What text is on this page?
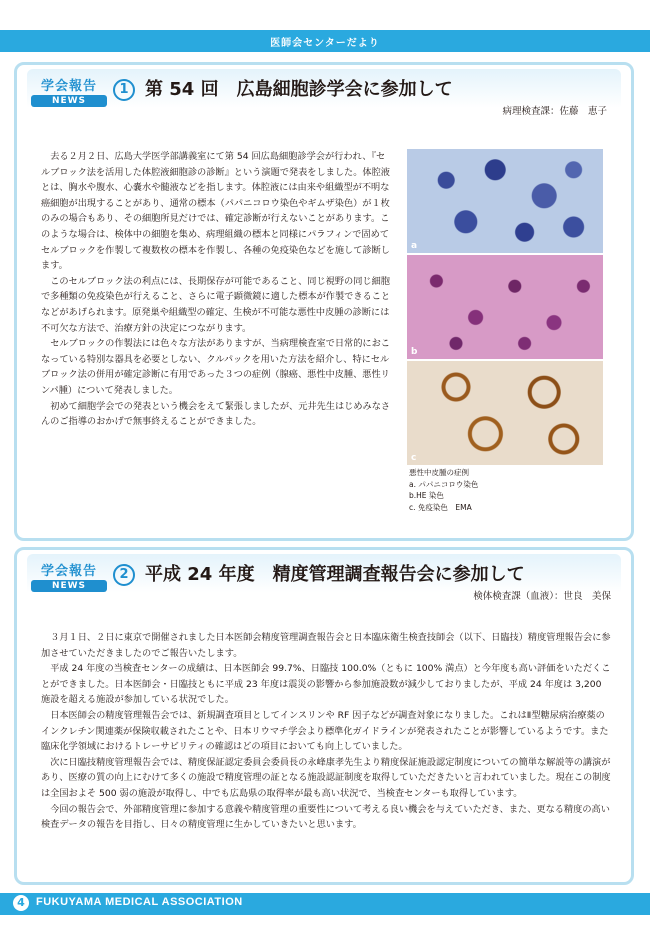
医師会センターだより
学会報告
NEWS
1 第 54 回　広島細胞診学会に参加して
病理検査課：佐藤　恵子

去る２月２日、広島大学医学部講義室にて第 54 回広島細胞診学会が行われ、『セルブロック法を活用した体腔液細胞診の診断』という演題で発表をしました。体腔液とは、胸水や腹水、心嚢水や髄液などを指します。体腔液には由来や組織型が不明な癌細胞が出現することがあり、通常の標本（パパニコロウ染色やギムザ染色）が１枚のみの場合もあり、その細胞所見だけでは、確定診断が行えないことがあります。このような場合は、検体中の細胞を集め、病理組織の標本と同様にパラフィンで固めてセルブロックを作製して複数枚の標本を作製し、各種の免疫染色などを施して診断します。

このセルブロック法の利点には、長期保存が可能であること、同じ視野の同じ細胞で多種類の免疫染色が行えること、さらに電子顕微鏡に適した標本が作製できることなどがあげられます。原発巣や組織型の確定、生検が不可能な悪性中皮腫の診断には不可欠な方法で、治療方針の決定につながります。

セルブロックの作製法には色々な方法がありますが、当病理検査室で日常的におこなっている特別な器具を必要としない、クルパックを用いた方法を紹介し、特にセルブロック法の併用が確定診断に有用であった３つの症例（腺癌、悪性中皮腫、悪性リンパ腫）について発表しました。

初めて細胞学会での発表という機会をえて緊張しましたが、元井先生はじめみなさんのご指導のおかげで無事終えることができました。

a
b
c
悪性中皮腫の症例
a. パパニコロウ染色
b.HE 染色
c. 免疫染色　EMA
学会報告
NEWS
2 平成 24 年度　精度管理調査報告会に参加して
検体検査課（血液）：世良　美保

３月１日、２日に東京で開催されました日本医師会精度管理調査報告会と日本臨床衛生検査技師会（以下、日臨技）精度管理報告会に参加させていただきましたのでご報告いたします。

平成 24 年度の当検査センターの成績は、日本医師会 99.7%、日臨技 100.0%（ともに 100% 満点）と今年度も高い評価をいただくことができました。日本医師会・日臨技ともに平成 23 年度は震災の影響から参加施設数が減少しておりましたが、平成 24 年度は 3,200 施設を超える施設が参加している状況でした。

日本医師会の精度管理報告会では、新規調査項目としてインスリンや RF 因子などが調査対象になりました。これはⅡ型糖尿病治療薬のインクレチン関連薬が保険収載されたことや、日本リウマチ学会より標準化ガイドラインが発表されたことが影響しているようです。また臨床化学領域におけるトレーサビリティの確認はどの項目においても向上していました。

次に日臨技精度管理報告会では、精度保証認定委員会委員長の永峰康孝先生より精度保証施設認定制度についての簡単な解説等の講演があり、医療の質の向上にむけて多くの施設で精度管理の証となる施設認証制度を取得していただきたいと言われていました。現在この制度は全国およそ 500 弱の施設が取得し、中でも広島県の取得率が最も高い状況で、当検査センターも取得しています。

今回の報告会で、外部精度管理に参加する意義や精度管理の重要性について考える良い機会を与えていただき、また、更なる精度の高い検査データの報告を目指し、日々の精度管理に生かしていきたいと思います。

4	FUKUYAMA MEDICAL ASSOCIATION
